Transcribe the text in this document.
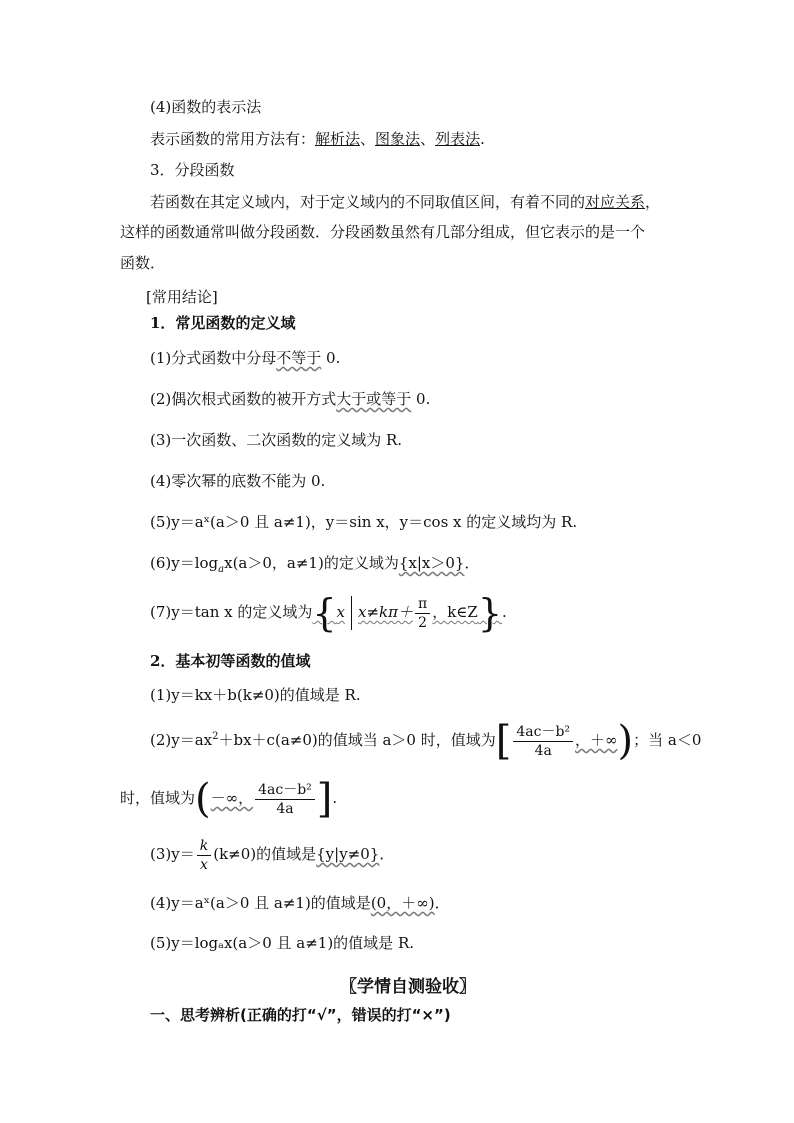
(4)函数的表示法
表示函数的常用方法有：解析法、图象法、列表法.
3．分段函数
若函数在其定义域内，对于定义域内的不同取值区间，有着不同的对应关系，
这样的函数通常叫做分段函数．分段函数虽然有几部分组成，但它表示的是一个
函数．
[常用结论]
1．常见函数的定义域
(1)分式函数中分母不等于 0.
(2)偶次根式函数的被开方式大于或等于 0.
(3)一次函数、二次函数的定义域为 R.
(4)零次幂的底数不能为 0.
(5)y＝aˣ(a＞0 且 a≠1)，y＝sin x，y＝cos x 的定义域均为 R.
$(6)y=\log_ax(a>0$，a≠1)的定义域为{x|x＞0}．
(7)y＝tan x 的定义域为{x $x\ne k\pi+ \frac{\pi}{2}$ ，k∈Z}.
2．基本初等函数的值域
(1)y＝kx＋b(k≠0)的值域是 R.
$(2)y=ax^2+bx+c(a\ne 0)$的值域当 a＞0 时，值域为[ $\frac{\text{4ac－b²}}{4a}$ ，＋∞)；当 a＜0
时，值域为(－∞， $\frac{\text{4ac－b²}}{4a}$ ].
$(3)y= \frac{k}{x} (k\ne 0)$的值域是{y|y≠0}．
(4)y＝aˣ(a＞0 且 a≠1)的值域是(0，＋∞)．
(5)y＝logₐx(a＞0 且 a≠1)的值域是 R.
〖学情自测验收〗
一、思考辨析(正确的打“√”，错误的打“×”)
